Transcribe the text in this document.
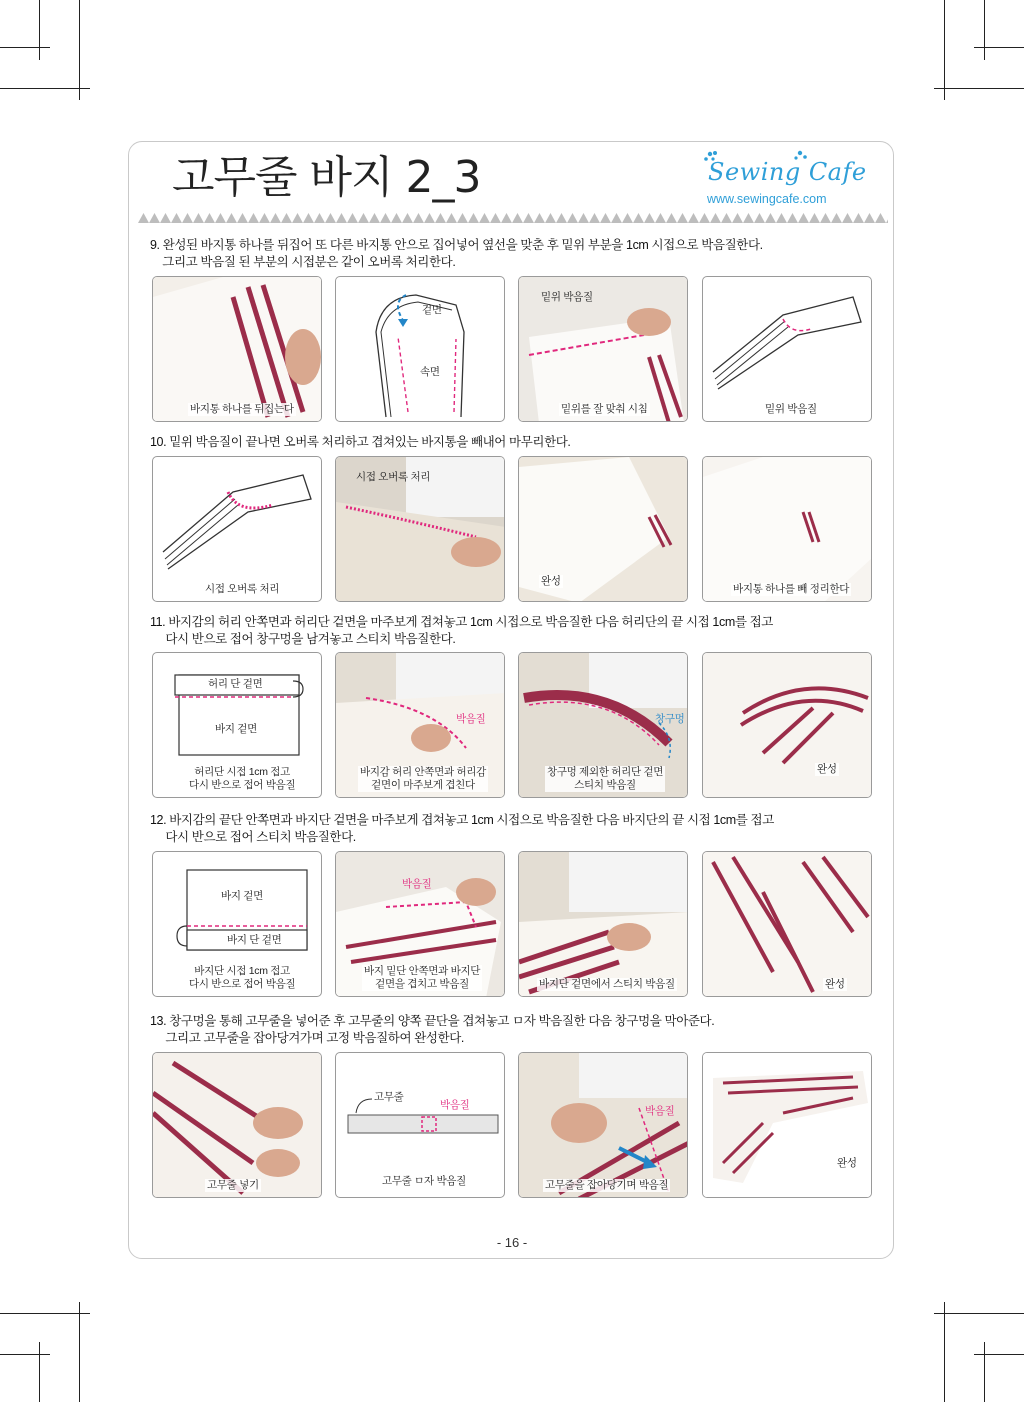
고무줄 바지 2_3	Sewing Cafe
www.sewingcafe.com
9. 완성된 바지통 하나를 뒤집어 또 다른 바지통 안으로 집어넣어 옆선을 맞춘 후 밑위 부분을 1cm 시접으로 박음질한다.
그리고 박음질 된 부분의 시접분은 같이 오버록 처리한다.
10. 밑위 박음질이 끝나면 오버록 처리하고 겹쳐있는 바지통을 빼내어 마무리한다.
11. 바지감의 허리 안쪽면과 허리단 겉면을 마주보게 겹쳐놓고 1cm 시접으로 박음질한 다음 허리단의 끝 시접 1cm를 접고
다시 반으로 접어 창구멍을 남겨놓고 스티치 박음질한다.
12. 바지감의 끝단 안쪽면과 바지단 겉면을 마주보게 겹쳐놓고 1cm 시접으로 박음질한 다음 바지단의 끝 시접 1cm를 접고
다시 반으로 접어 스티치 박음질한다.
13. 창구멍을 통해 고무줄을 넣어준 후 고무줄의 양쪽 끝단을 겹쳐놓고 ㅁ자 박음질한 다음 창구멍을 막아준다.
그리고 고무줄을 잡아당겨가며 고정 박음질하여 완성한다.
바지통 하나를 뒤집는다
겉면
속면
밑위 박음질
밑위를 잘 맞춰 시침	밑위 박음질
시접 오버록 처리
시접 오버록 처리
완성
바지통 하나를 빼 정리한다
허리 단 겉면
바지 겉면
허리단 시접 1cm 접고
다시 반으로 접어 박음질
박음질
바지감 허리 안쪽면과 허리감
겉면이 마주보게 겹친다
창구멍
창구멍 제외한 허리단 겉면
스티치 박음질
완성
바지 겉면
바지 단 겉면
바지단 시접 1cm 접고
다시 반으로 접어 박음질
박음질
바지 밑단 안쪽면과 바지단
겉면을 겹치고 박음질	바지단 겉면에서 스티치 박음질	완성
고무줄 넣기
고무줄
박음질
고무줄 ㅁ자 박음질
박음질
고무줄을 잡아당기며 박음질
완성
- 16 -
